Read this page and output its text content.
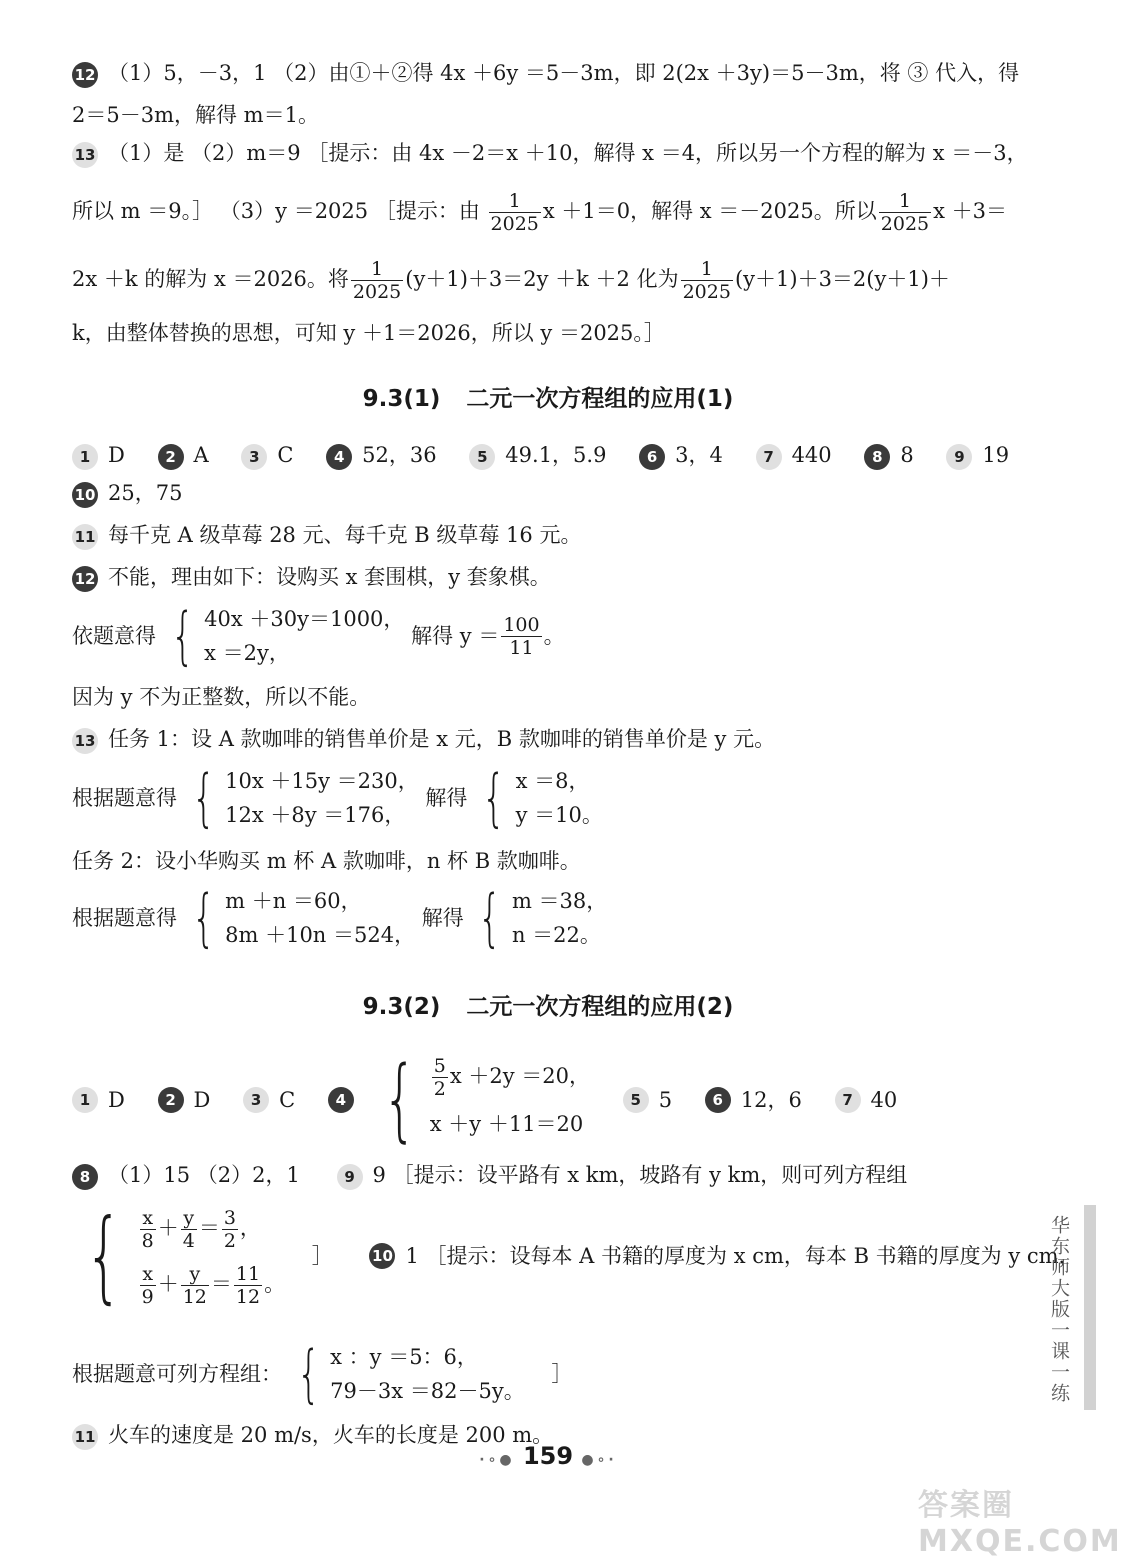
12 （1）5，－3，1 （2）由①＋②得 4x ＋6y ＝5－3m，即 2(2x ＋3y)＝5－3m，将 ③ 代入，得
2＝5－3m，解得 m＝1。
13 （1）是 （2）m＝9 ［提示：由 4x －2＝x ＋10，解得 x ＝4，所以另一个方程的解为 x ＝－3，
所以 m ＝9。］ （3）y ＝2025 ［提示：由 $\frac{1}{2025}$ x ＋1＝0，解得 x ＝－2025。所以 $\frac{1}{2025}$ x ＋3＝
2x ＋k 的解为 x ＝2026。将 $\frac{1}{2025} (y+1)+3=2y +k +2$ 化为 $\frac{1}{2025} (y+1)+3=2(y+1)+$
k，由整体替换的思想，可知 y ＋1＝2026，所以 y ＝2025。］
9.3(1) 二元一次方程组的应用(1)
1 D	2 A	3 C	4 52，36	5 49.1，5.9	6 3，4	7 440	8 8	9 19
10 25，75
11 每千克 A 级草莓 28 元、每千克 B 级草莓 16 元。
12 不能，理由如下：设购买 x 套围棋，y 套象棋。
依题意得 { 40x ＋30y＝1000，
x ＝2y，
解得 $y = \frac{100}{11}$ 。
因为 y 不为正整数，所以不能。
13 任务 1：设 A 款咖啡的销售单价是 x 元，B 款咖啡的销售单价是 y 元。
根据题意得 { 10x ＋15y ＝230，
12x ＋8y ＝176，
解得 { x ＝8，
y ＝10。
任务 2：设小华购买 m 杯 A 款咖啡，n 杯 B 款咖啡。
根据题意得 { m ＋n ＝60，
8m ＋10n ＝524，
解得 { m ＝38，
n ＝22。
9.3(2) 二元一次方程组的应用(2)
1 D	2 D	3 C	4 { $\frac{5}{2}$ x ＋2y ＝20，
x ＋y ＋11＝20
5 5	6 12，6	7 40
8 （1）15 （2）2，1	9 9 ［提示：设平路有 x km，坡路有 y km，则可列方程组
{ $\frac{x}{8} + \frac{y}{4} = \frac{3}{2}$ ，
$\frac{x}{9} + \frac{y}{12} = \frac{11}{12}$ 。
］	10 1 ［提示：设每本 A 书籍的厚度为 x cm，每本 B 书籍的厚度为 y cm，
根据题意可列方程组： { x ：y ＝5：6，
79－3x ＝82－5y。
］
11 火车的速度是 20 m/s，火车的长度是 200 m。
华东师大版一课一练
·∘● 159 ●∘·
答案圈 MXQE.COM
